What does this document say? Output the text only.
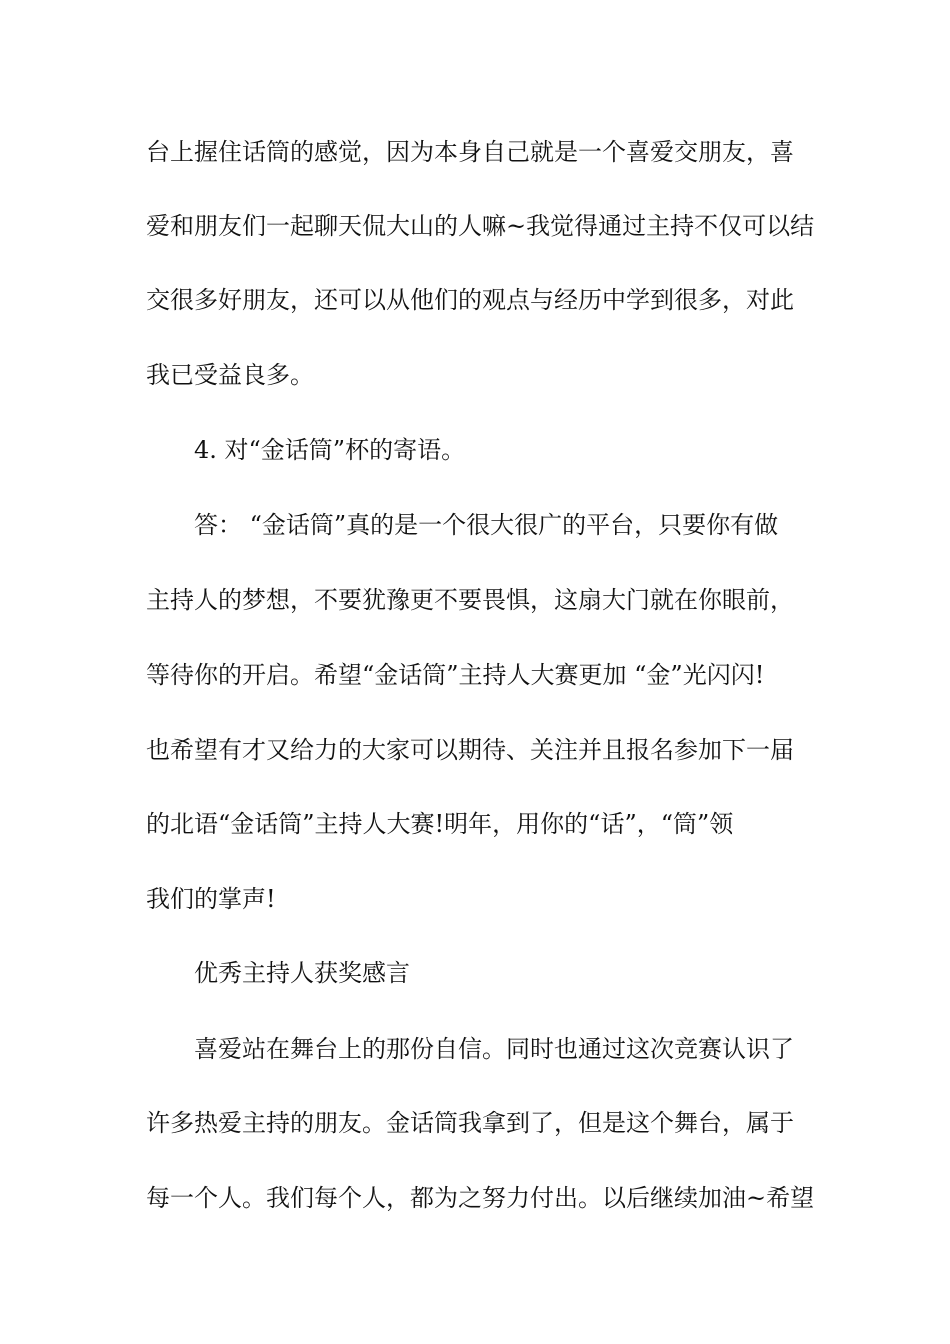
台上握住话筒的感觉，因为本身自己就是一个喜爱交朋友，喜
爱和朋友们一起聊天侃大山的人嘛~我觉得通过主持不仅可以结
交很多好朋友，还可以从他们的观点与经历中学到很多，对此
我已受益良多。
4. 对“金话筒”杯的寄语。
答： “金话筒”真的是一个很大很广的平台，只要你有做
主持人的梦想，不要犹豫更不要畏惧，这扇大门就在你眼前，
等待你的开启。希望“金话筒”主持人大赛更加 “金”光闪闪!
也希望有才又给力的大家可以期待、关注并且报名参加下一届
的北语“金话筒”主持人大赛!明年，用你的“话”，“筒”领
我们的掌声!
优秀主持人获奖感言
喜爱站在舞台上的那份自信。同时也通过这次竞赛认识了
许多热爱主持的朋友。金话筒我拿到了，但是这个舞台，属于
每一个人。我们每个人，都为之努力付出。以后继续加油~希望
